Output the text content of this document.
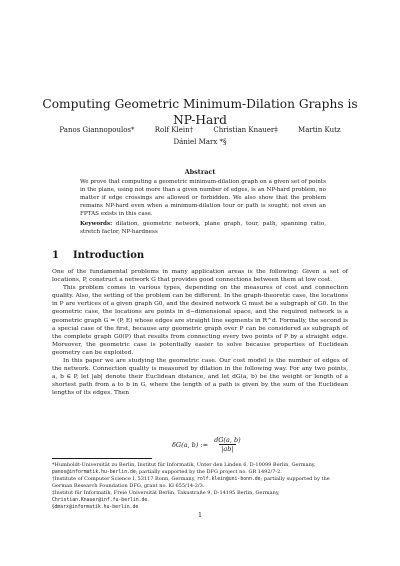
Computing Geometric Minimum-Dilation Graphs is NP-Hard
Panos Giannopoulos*	Rolf Klein†	Christian Knauer‡	Martin Kutz
Dániel Marx *§
Abstract
We prove that computing a geometric minimum-dilation graph on a given set of points in the plane, using not more than a given number of edges, is an NP-hard problem, no matter if edge crossings are allowed or forbidden. We also show that the problem remains NP-hard even when a minimum-dilation tour or path is sought; not even an FPTAS exists in this case.
Keywords: dilation, geometric network, plane graph, tour, path, spanning ratio, stretch factor, NP-hardness
1 Introduction

One of the fundamental problems in many application areas is the following: Given a set of locations, P, construct a network G that provides good connections between them at low cost.

This problem comes in various types, depending on the measures of cost and connection quality. Also, the setting of the problem can be different. In the graph-theoretic case, the locations in P are vertices of a given graph G0, and the desired network G must be a subgraph of G0. In the geometric case, the locations are points in d−dimensional space, and the required network is a geometric graph G = (P, E) whose edges are straight line segments in R^d. Formally, the second is a special case of the first, because any geometric graph over P can be considered as subgraph of the complete graph G0(P) that results from connecting every two points of P by a straight edge. Moreover, the geometric case is potentially easier to solve because properties of Euclidean geometry can be exploited.

In this paper we are studying the geometric case. Our cost model is the number of edges of the network. Connection quality is measured by dilation in the following way. For any two points, a, b ∈ P, let |ab| denote their Euclidean distance, and let dG(a, b) be the weight or length of a shortest path from a to b in G, where the length of a path is given by the sum of the Euclidean lengths of its edges. Then

δG(a, b) := $\frac{dG(a, b)}{|ab|}$

*Humboldt-Universität zu Berlin, Institut für Informatik, Unter den Linden 6, D-10099 Berlin, Germany, panos@informatik.hu-berlin.de; partially supported by the DFG project no. GR 1492/7-2.

†Institute of Computer Science I, 53117 Bonn, Germany, rolf.klein@uni-bonn.de; partially supported by the German Research Foundation DFG, grant no. Kl 655/14-2/3.

‡Institut für Informatik, Freie Universität Berlin, Takustraße 9, D-14195 Berlin, Germany, Christian.Knauer@inf.fu-berlin.de.

§dmarx@informatik.hu-berlin.de

1
